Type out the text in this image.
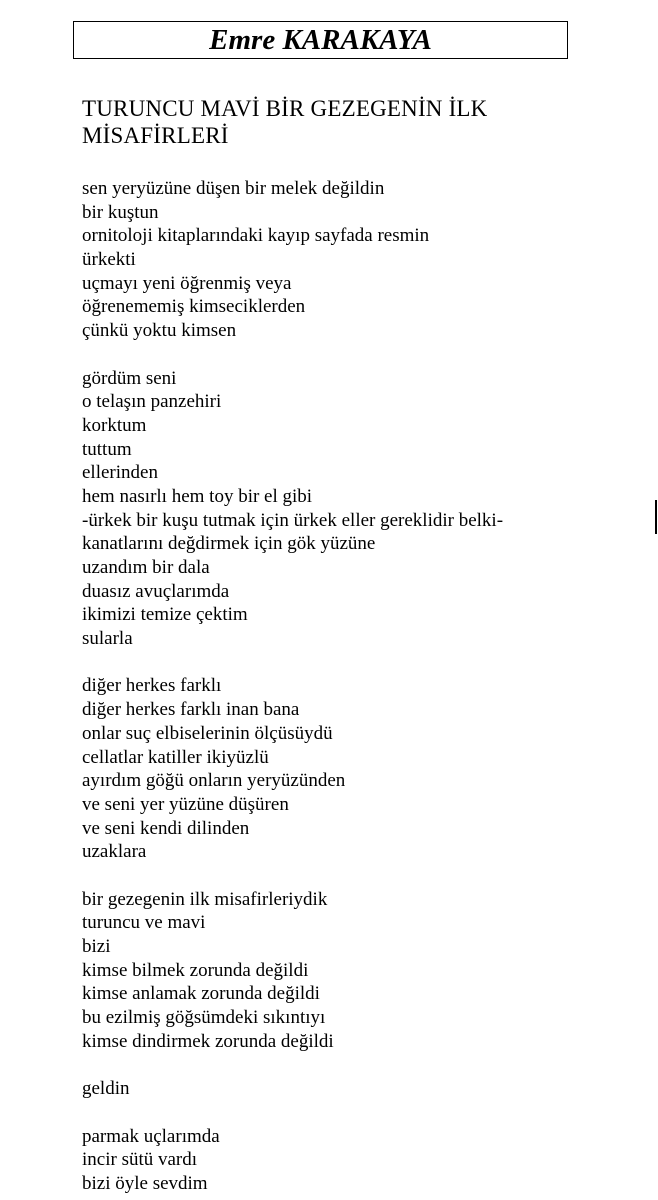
Emre KARAKAYA
TURUNCU MAVİ BİR GEZEGENİN İLK
MİSAFİRLERİ
sen yeryüzüne düşen bir melek değildin
bir kuştun
ornitoloji kitaplarındaki kayıp sayfada resmin
ürkekti
uçmayı yeni öğrenmiş veya
öğrenememiş kimseciklerden
çünkü yoktu kimsen
gördüm seni
o telaşın panzehiri
korktum
tuttum
ellerinden
hem nasırlı hem toy bir el gibi
-ürkek bir kuşu tutmak için ürkek eller gereklidir belki-
kanatlarını değdirmek için gök yüzüne
uzandım bir dala
duasız avuçlarımda
ikimizi temize çektim
sularla
diğer herkes farklı
diğer herkes farklı inan bana
onlar suç elbiselerinin ölçüsüydü
cellatlar katiller ikiyüzlü
ayırdım göğü onların yeryüzünden
ve seni yer yüzüne düşüren
ve seni kendi dilinden
uzaklara
bir gezegenin ilk misafirleriydik
turuncu ve mavi
bizi
kimse bilmek zorunda değildi
kimse anlamak zorunda değildi
bu ezilmiş göğsümdeki sıkıntıyı
kimse dindirmek zorunda değildi
geldin
parmak uçlarımda
incir sütü vardı
bizi öyle sevdim
